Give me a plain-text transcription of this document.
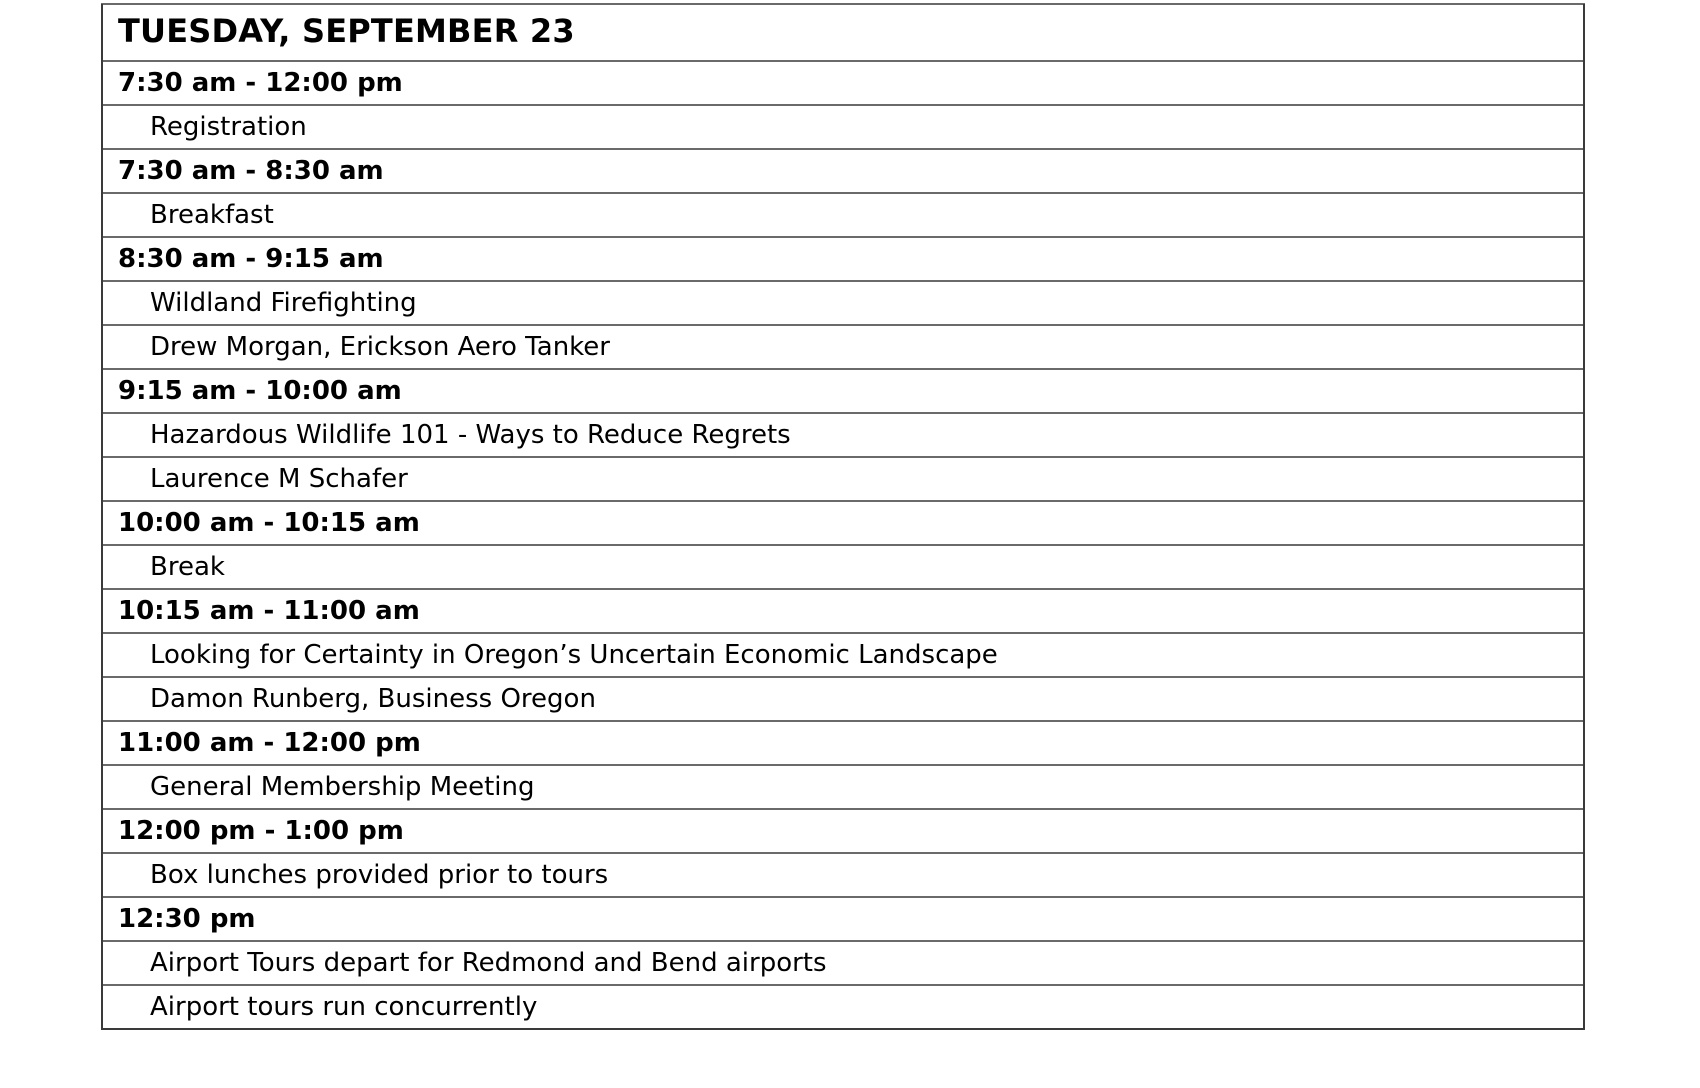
TUESDAY, SEPTEMBER 23
7:30 am - 12:00 pm
Registration
7:30 am - 8:30 am
Breakfast
8:30 am - 9:15 am
Wildland Firefighting
Drew Morgan, Erickson Aero Tanker
9:15 am - 10:00 am
Hazardous Wildlife 101 - Ways to Reduce Regrets
Laurence M Schafer
10:00 am - 10:15 am
Break
10:15 am - 11:00 am
Looking for Certainty in Oregon’s Uncertain Economic Landscape
Damon Runberg, Business Oregon
11:00 am - 12:00 pm
General Membership Meeting
12:00 pm - 1:00 pm
Box lunches provided prior to tours
12:30 pm
Airport Tours depart for Redmond and Bend airports
Airport tours run concurrently
